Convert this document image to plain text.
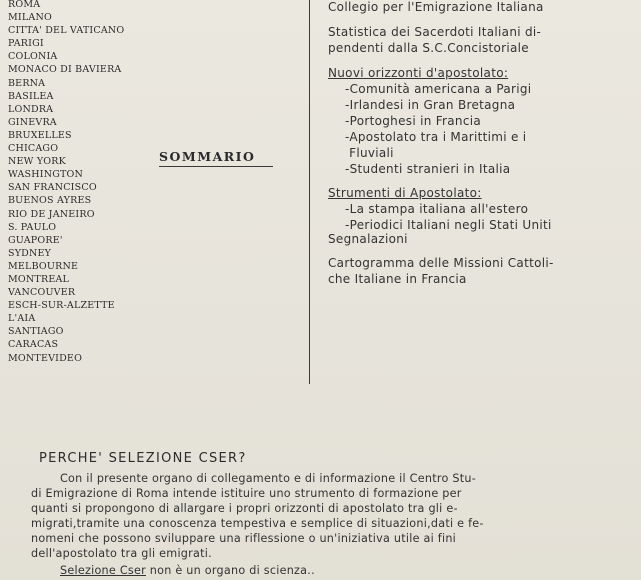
ROMA
MILANO
CITTA' DEL VATICANO
PARIGI
COLONIA
MONACO DI BAVIERA
BERNA
BASILEA
LONDRA
GINEVRA
BRUXELLES
CHICAGO
NEW YORK
WASHINGTON
SAN FRANCISCO
BUENOS AYRES
RIO DE JANEIRO
S. PAULO
GUAPORE'
SYDNEY
MELBOURNE
MONTREAL
VANCOUVER
ESCH-SUR-ALZETTE
L'AIA
SANTIAGO
CARACAS
MONTEVIDEO
SOMMARIO
Collegio per l'Emigrazione Italiana
Statistica dei Sacerdoti Italiani di-
pendenti dalla S.C.Concistoriale
Nuovi orizzonti d'apostolato:
-Comunità americana a Parigi
-Irlandesi in Gran Bretagna
-Portoghesi in Francia
-Apostolato tra i Marittimi e i
Fluviali
-Studenti stranieri in Italia
Strumenti di Apostolato:
-La stampa italiana all'estero
-Periodici Italiani negli Stati Uniti
Segnalazioni
Cartogramma delle Missioni Cattoli-
che Italiane in Francia
PERCHE' SELEZIONE CSER?
Con il presente organo di collegamento e di informazione il Centro Stu-
di Emigrazione di Roma intende istituire uno strumento di formazione per
quanti si propongono di allargare i propri orizzonti di apostolato tra gli e-
migrati,tramite una conoscenza tempestiva e semplice di situazioni,dati e fe-
nomeni che possono sviluppare una riflessione o un'iniziativa utile ai fini
dell'apostolato tra gli emigrati.
Selezione Cser non è un organo di scienza..
